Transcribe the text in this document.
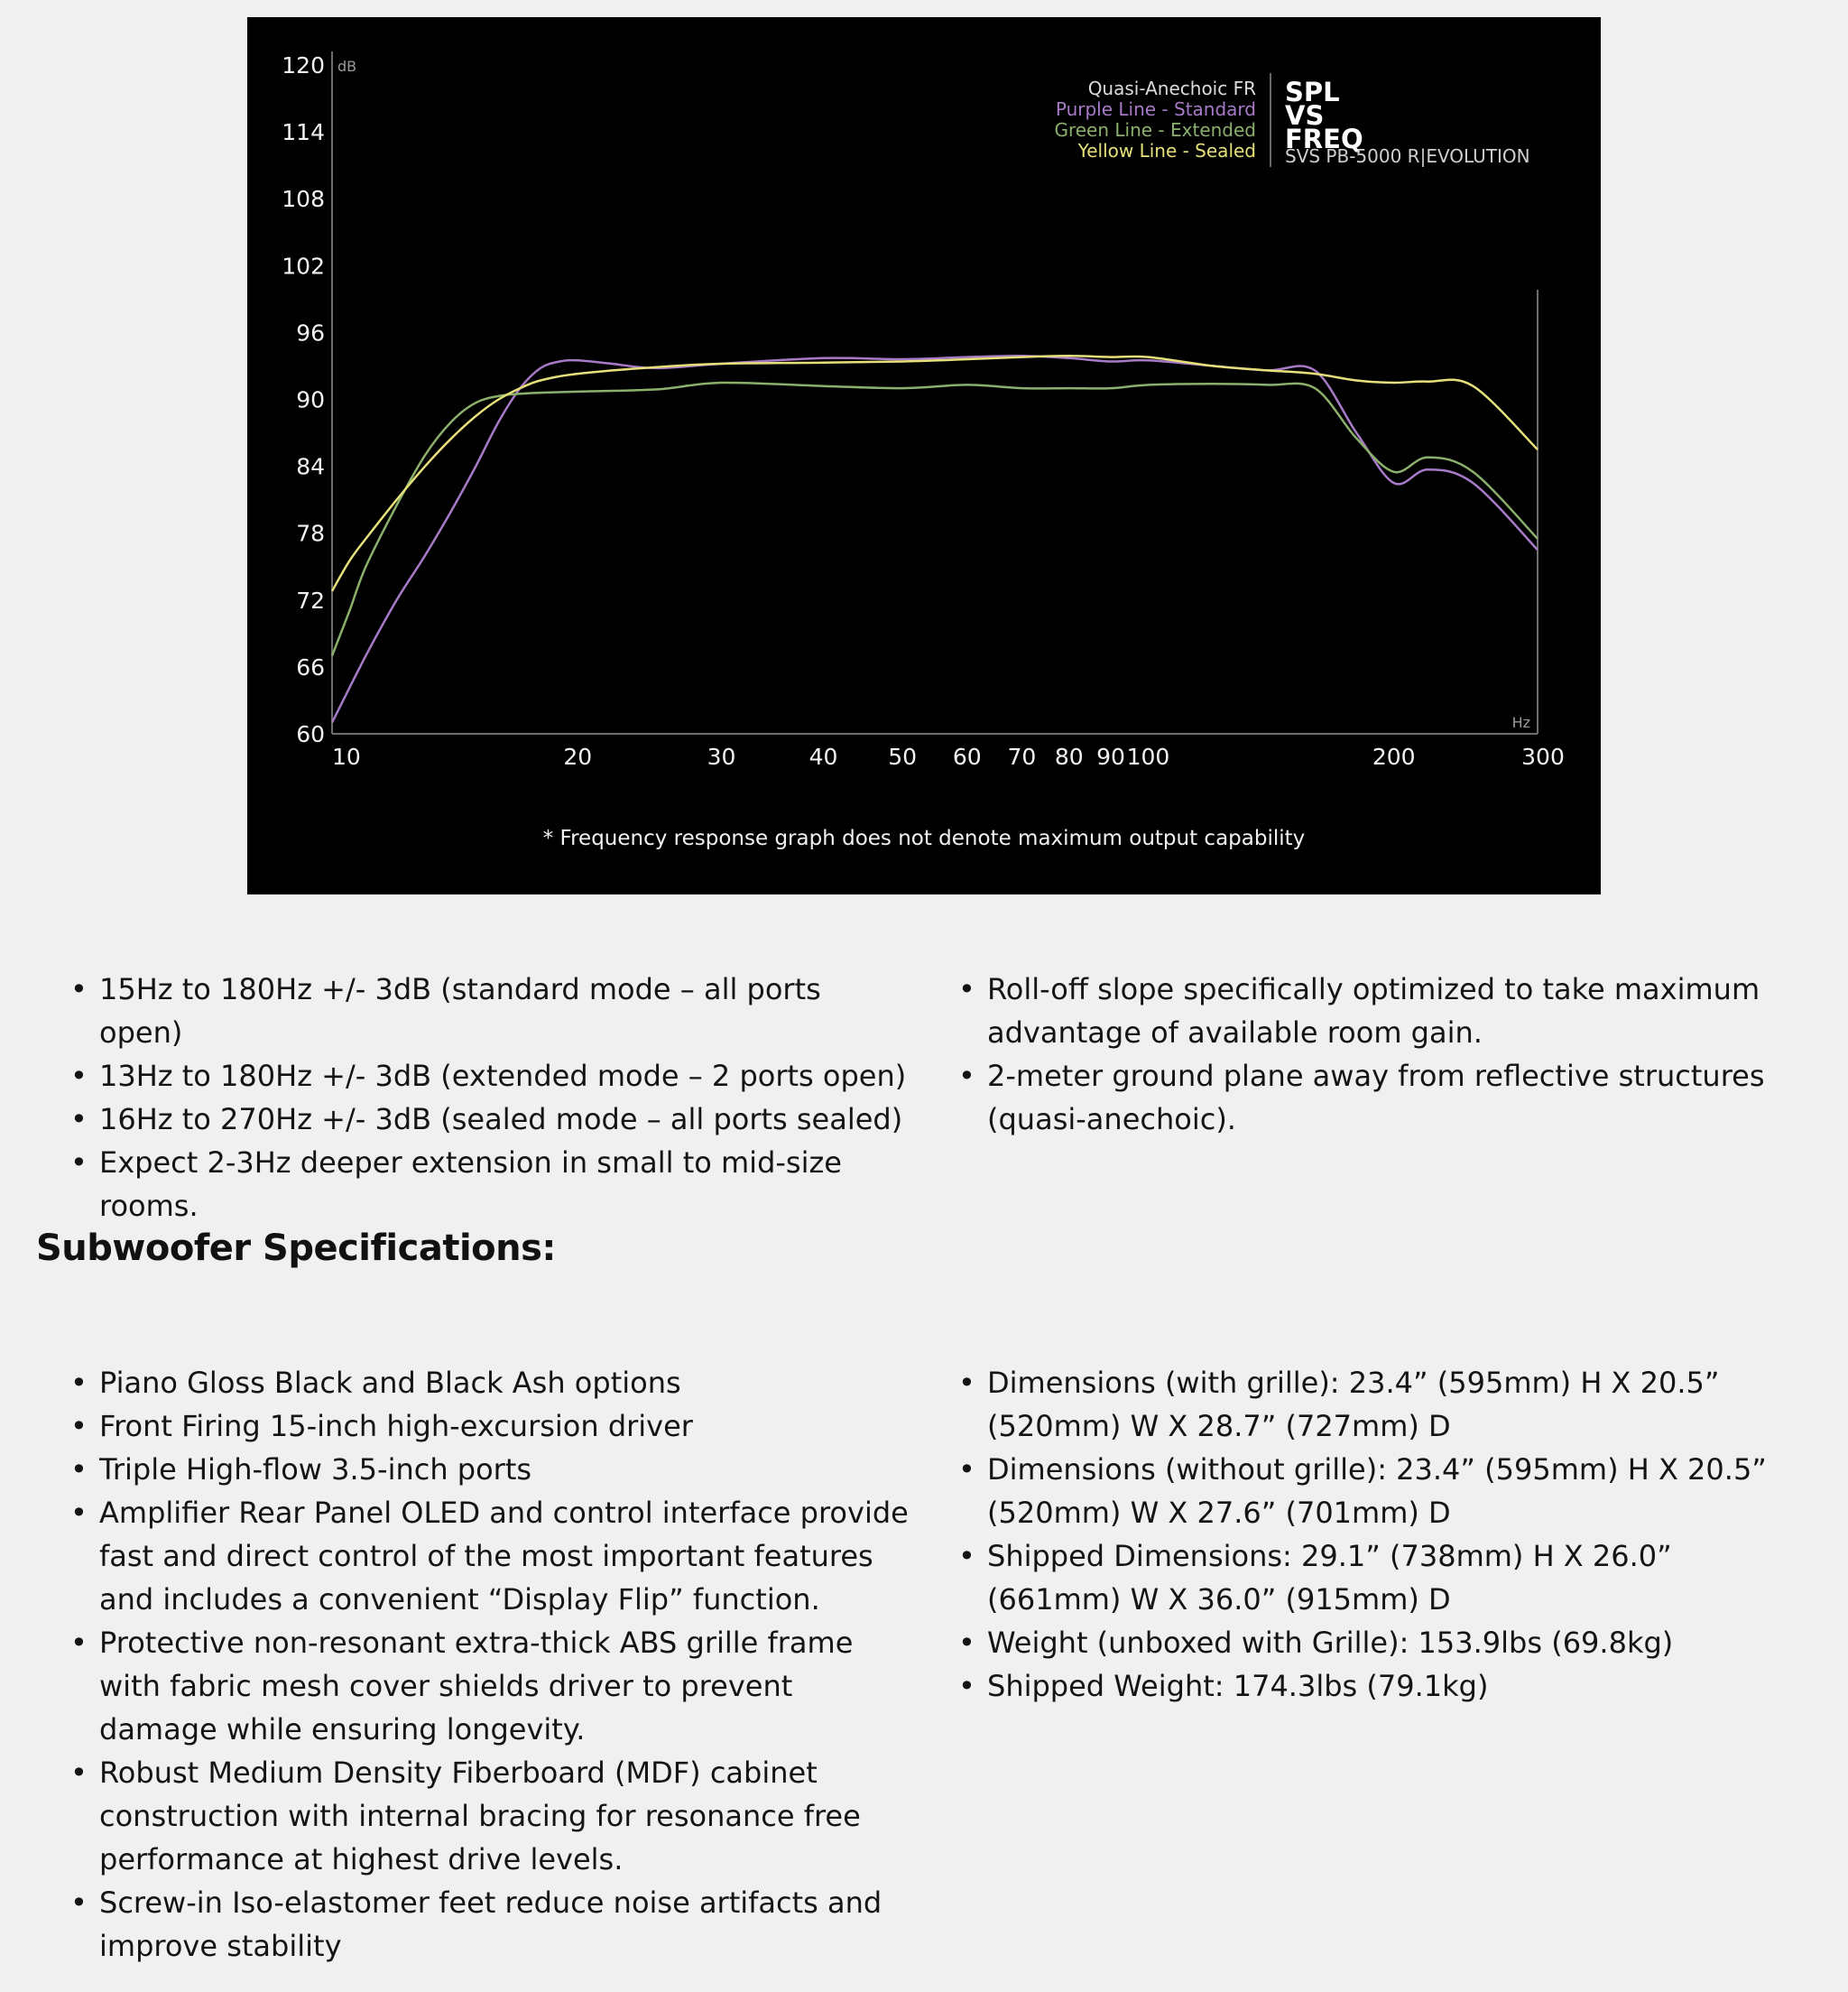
120
114
108
102
96
90
84
78
72
66
60
10	20	30	40 50 60 70 80 90 100	200	300
dB
Hz
Quasi-Anechoic FR
Purple Line - Standard
Green Line - Extended
Yellow Line - Sealed
SPL
VS
FREQ
SVS PB-5000 R|EVOLUTION
* Frequency response graph does not denote maximum output capability
• 15Hz to 180Hz +/- 3dB (standard mode – all ports open)
• 13Hz to 180Hz +/- 3dB (extended mode – 2 ports open)
• 16Hz to 270Hz +/- 3dB (sealed mode – all ports sealed)
• Expect 2-3Hz deeper extension in small to mid-size rooms.
• Roll-off slope specifically optimized to take maximum advantage of available room gain.
• 2-meter ground plane away from reflective structures (quasi-anechoic).
Subwoofer Specifications:
• Piano Gloss Black and Black Ash options
• Front Firing 15-inch high-excursion driver
• Triple High-flow 3.5-inch ports
• Amplifier Rear Panel OLED and control interface provide fast and direct control of the most important features and includes a convenient “Display Flip” function.
• Protective non-resonant extra-thick ABS grille frame with fabric mesh cover shields driver to prevent damage while ensuring longevity.
• Robust Medium Density Fiberboard (MDF) cabinet construction with internal bracing for resonance free performance at highest drive levels.
• Screw-in Iso-elastomer feet reduce noise artifacts and improve stability
• Dimensions (with grille): 23.4” (595mm) H X 20.5” (520mm) W X 28.7” (727mm) D
• Dimensions (without grille): 23.4” (595mm) H X 20.5” (520mm) W X 27.6” (701mm) D
• Shipped Dimensions: 29.1” (738mm) H X 26.0” (661mm) W X 36.0” (915mm) D
• Weight (unboxed with Grille): 153.9lbs (69.8kg)
• Shipped Weight: 174.3lbs (79.1kg)
